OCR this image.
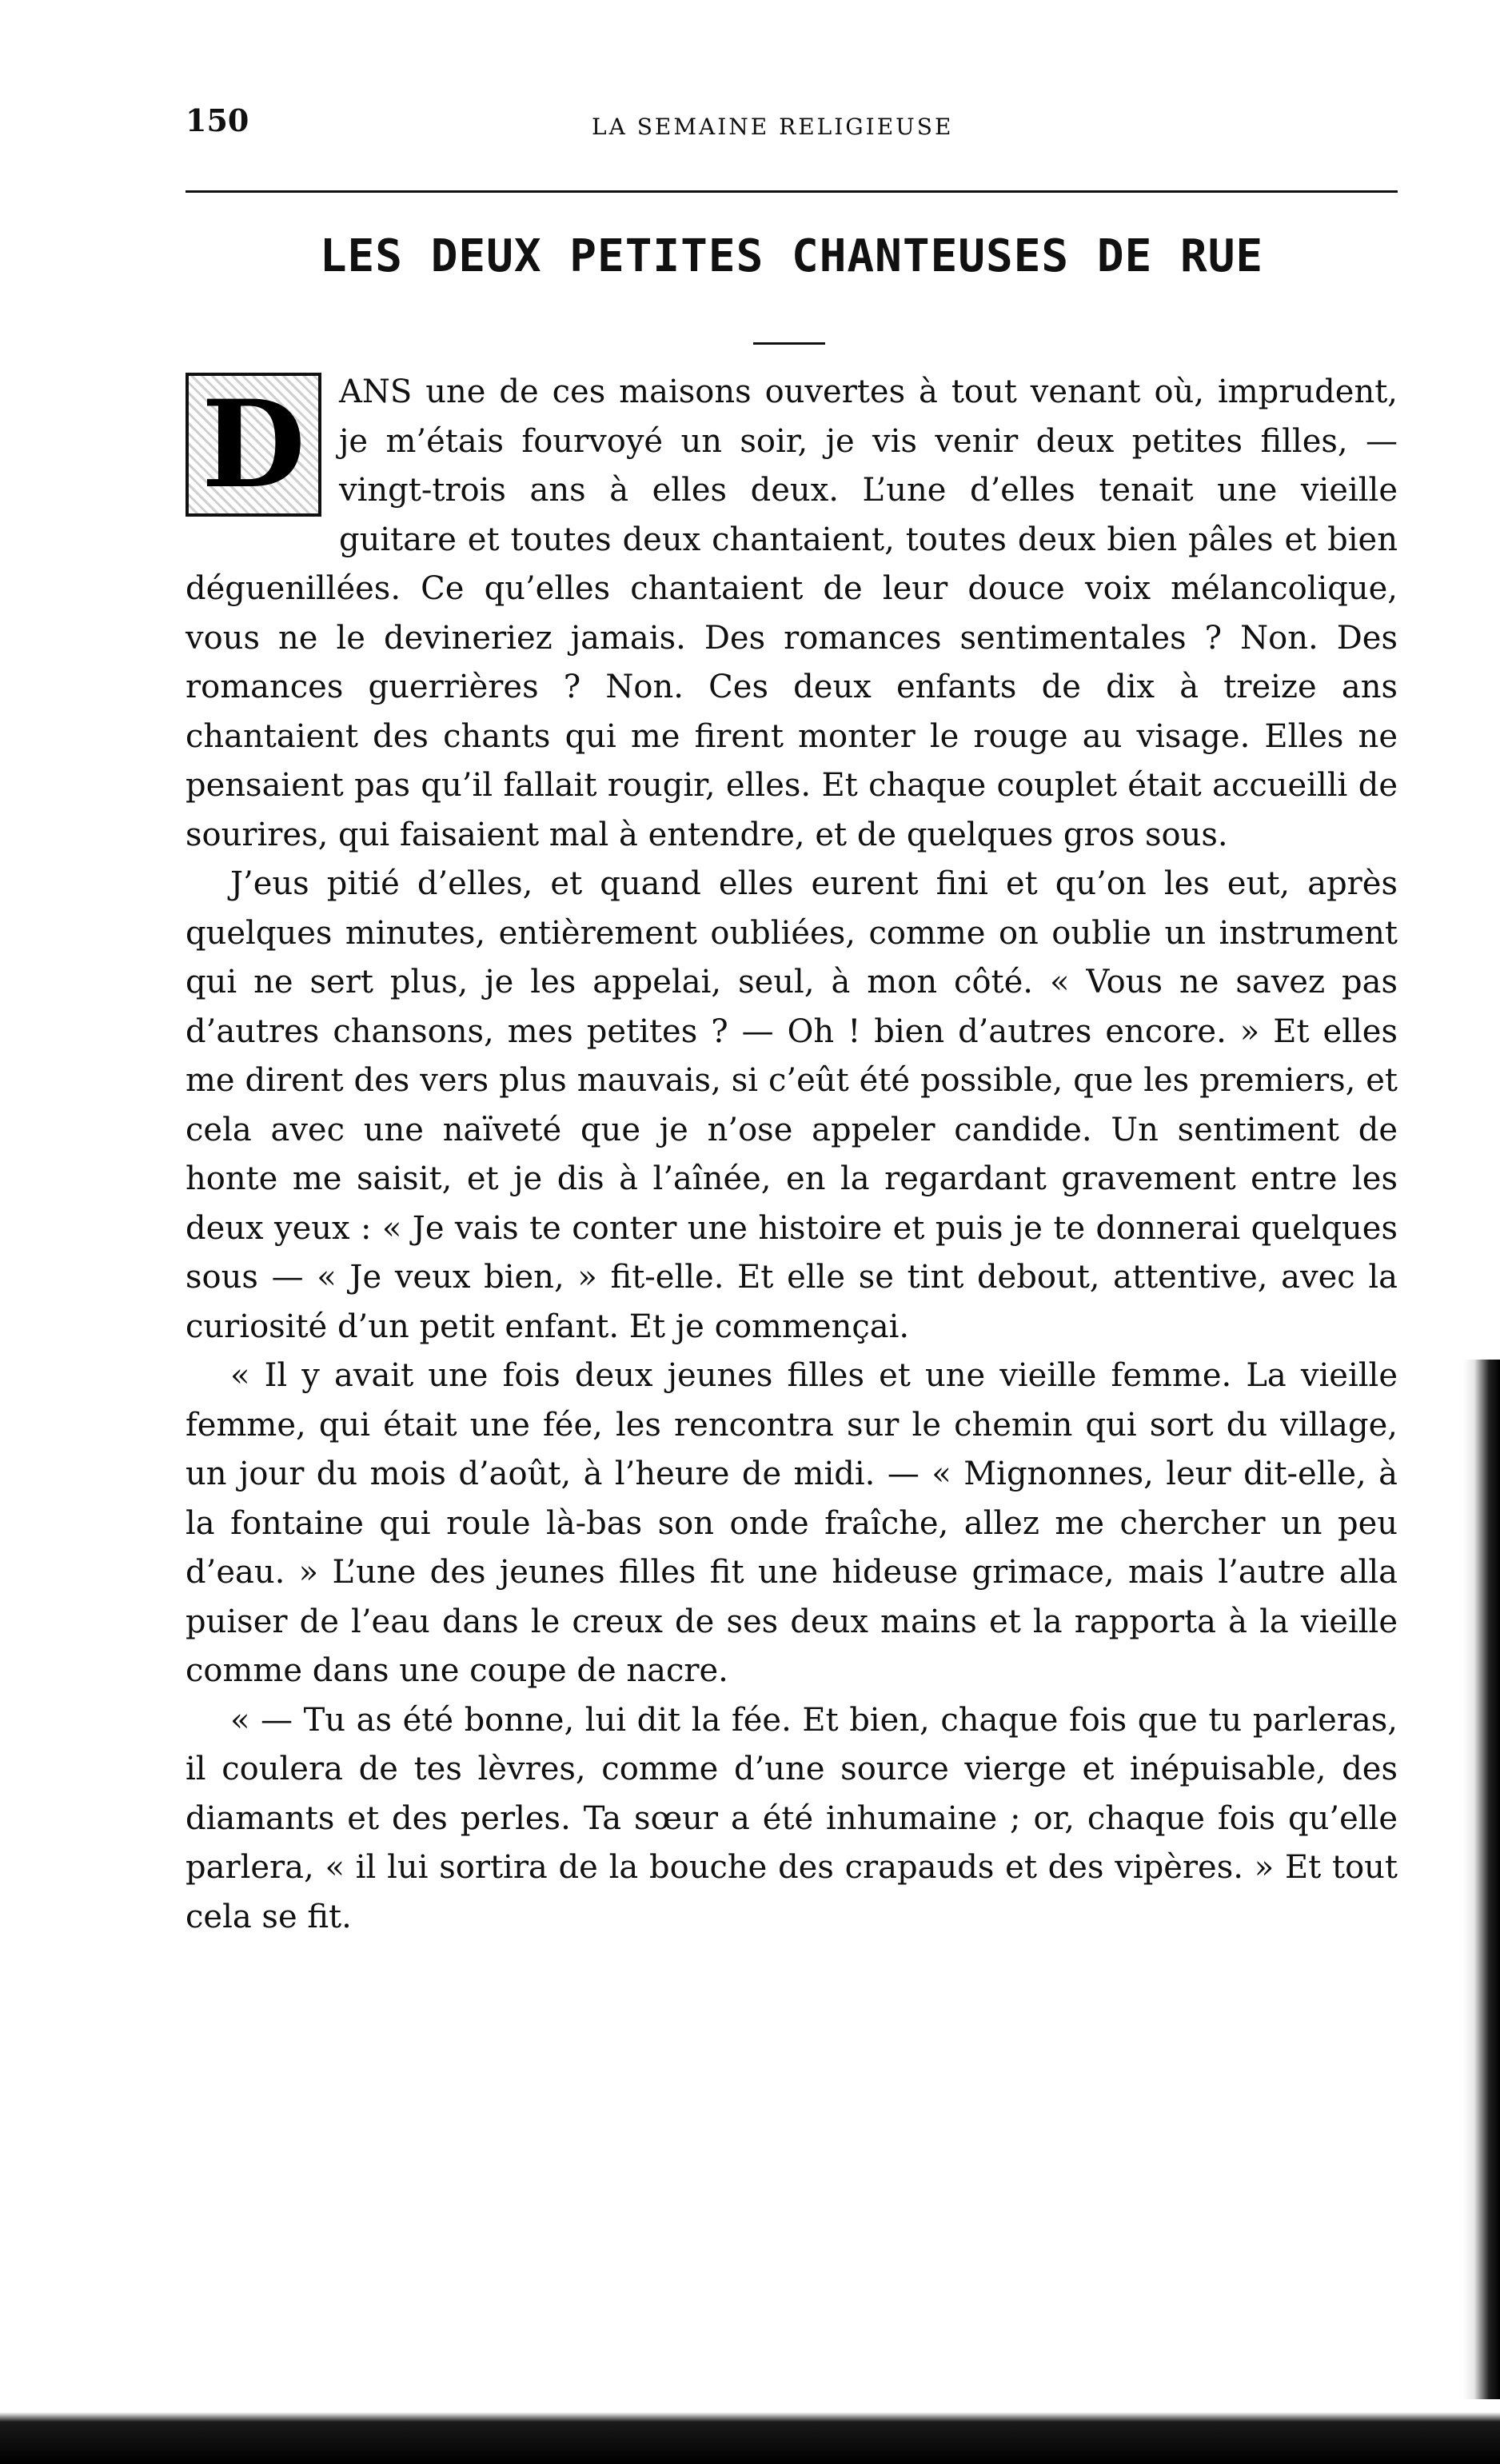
150	LA SEMAINE RELIGIEUSE
LES DEUX PETITES CHANTEUSES DE RUE

D	ANS une de ces maisons ouvertes à tout venant où, imprudent, je m’étais fourvoyé un soir, je vis venir deux petites filles, — vingt-trois ans à elles deux. L’une d’elles tenait une vieille guitare et toutes deux chantaient, toutes deux bien pâles et bien déguenillées. Ce qu’elles chantaient de leur douce voix mélancolique, vous ne le devineriez jamais. Des romances sentimentales ? Non. Des romances guerrières ? Non. Ces deux enfants de dix à treize ans chantaient des chants qui me firent monter le rouge au visage. Elles ne pensaient pas qu’il fallait rougir, elles. Et chaque couplet était accueilli de sourires, qui faisaient mal à entendre, et de quelques gros sous.

J’eus pitié d’elles, et quand elles eurent fini et qu’on les eut, après quelques minutes, entièrement oubliées, comme on oublie un instrument qui ne sert plus, je les appelai, seul, à mon côté. « Vous ne savez pas d’autres chansons, mes petites ? — Oh ! bien d’autres encore. » Et elles me dirent des vers plus mauvais, si c’eût été possible, que les premiers, et cela avec une naïveté que je n’ose appeler candide. Un sentiment de honte me saisit, et je dis à l’aînée, en la regardant gravement entre les deux yeux : « Je vais te conter une histoire et puis je te donnerai quelques sous — « Je veux bien, » fit-elle. Et elle se tint debout, attentive, avec la curiosité d’un petit enfant. Et je commençai.

« Il y avait une fois deux jeunes filles et une vieille femme. La vieille femme, qui était une fée, les rencontra sur le chemin qui sort du village, un jour du mois d’août, à l’heure de midi. — « Mignonnes, leur dit-elle, à la fontaine qui roule là-bas son onde fraîche, allez me chercher un peu d’eau. » L’une des jeunes filles fit une hideuse grimace, mais l’autre alla puiser de l’eau dans le creux de ses deux mains et la rapporta à la vieille comme dans une coupe de nacre.

« — Tu as été bonne, lui dit la fée. Et bien, chaque fois que tu parleras, il coulera de tes lèvres, comme d’une source vierge et inépuisable, des diamants et des perles. Ta sœur a été inhumaine ; or, chaque fois qu’elle parlera, « il lui sortira de la bouche des crapauds et des vipères. » Et tout cela se fit.
